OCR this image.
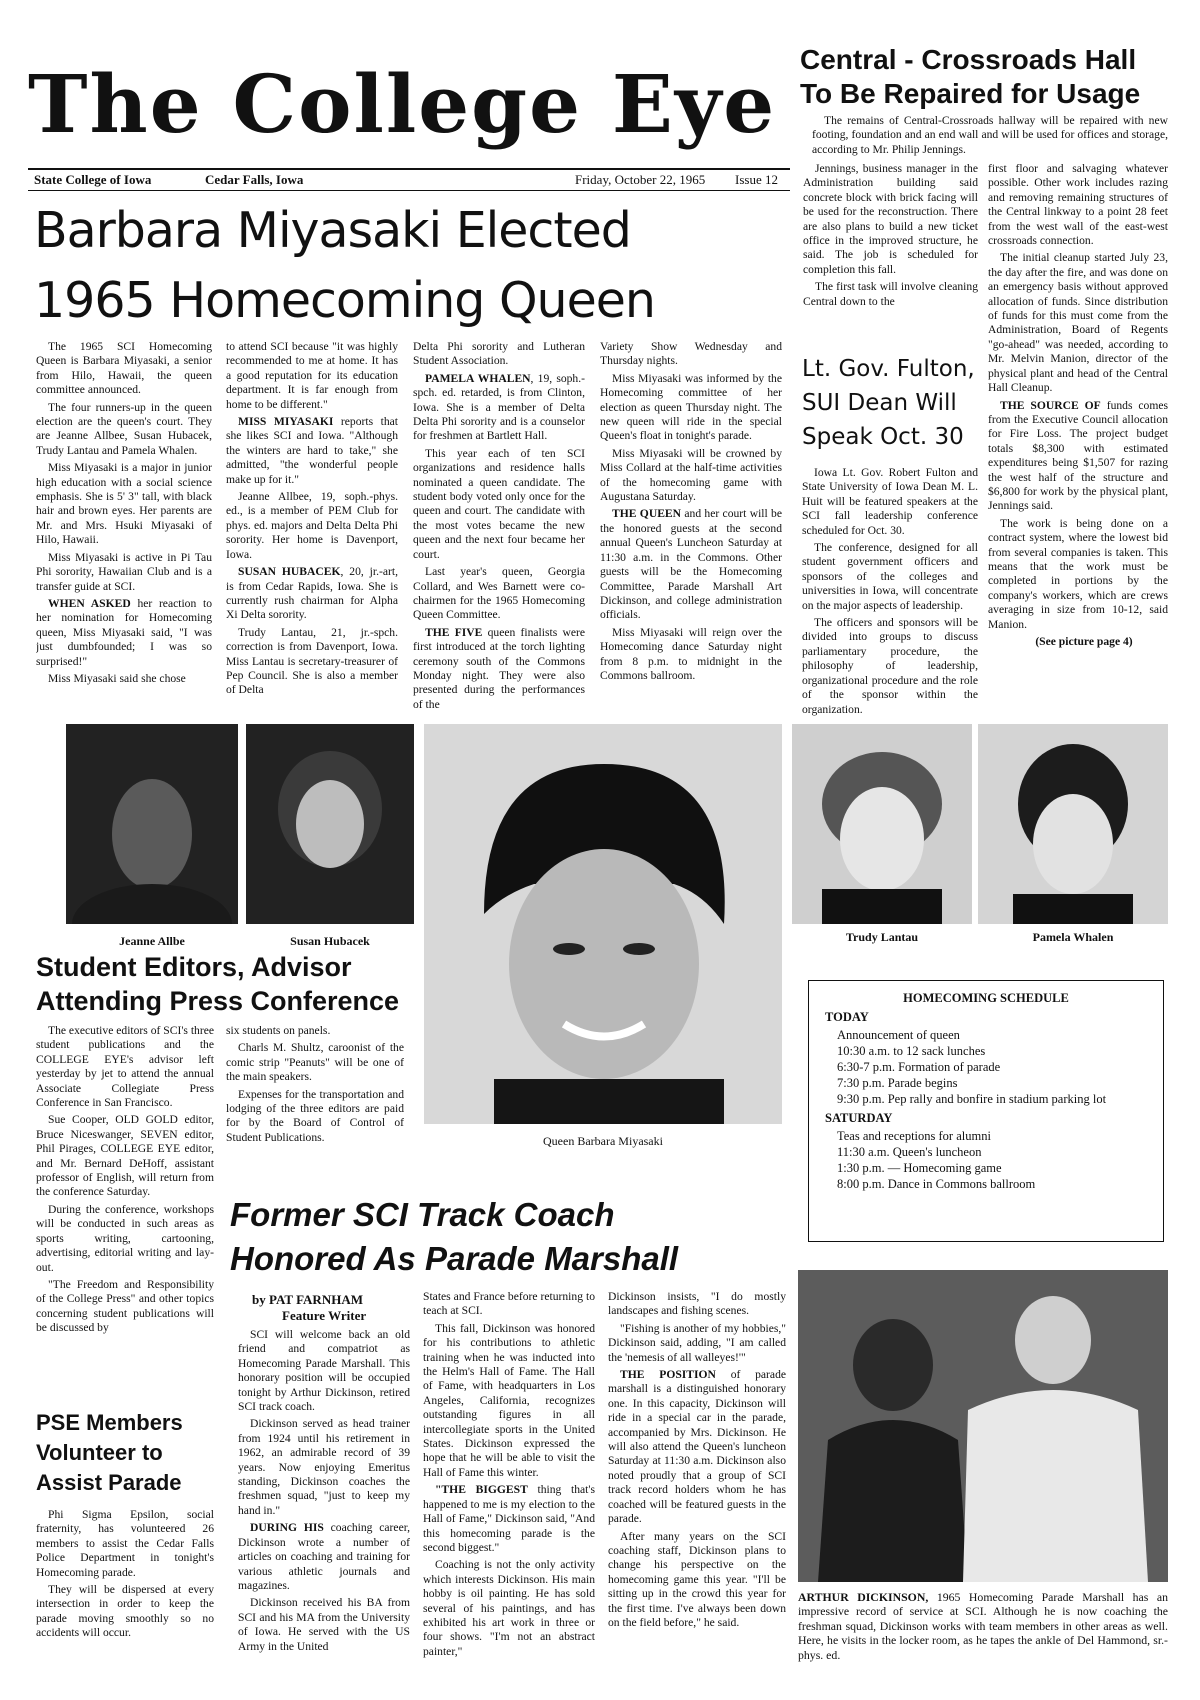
The College Eye
State College of Iowa	Cedar Falls, Iowa	Friday, October 22, 1965 Issue 12
Central - Crossroads Hall
To Be Repaired for Usage

The remains of Central-Crossroads hallway will be repaired with new footing, foundation and an end wall and will be used for offices and storage, according to Mr. Philip Jennings.

Jennings, business manager in the Administration building said concrete block with brick facing will be used for the reconstruction. There are also plans to build a new ticket office in the improved structure, he said. The job is scheduled for completion this fall.

The first task will involve cleaning Central down to the

first floor and salvaging whatever possible. Other work includes razing and removing remaining structures of the Central linkway to a point 28 feet from the west wall of the east-west crossroads connection.

The initial cleanup started July 23, the day after the fire, and was done on an emergency basis without approved allocation of funds. Since distribution of funds for this must come from the Administration, Board of Regents "go-ahead" was needed, according to Mr. Melvin Manion, director of the physical plant and head of the Central Hall Cleanup.

THE SOURCE OF funds comes from the Executive Council allocation for Fire Loss. The project budget totals $8,300 with estimated expenditures being $1,507 for razing the west half of the structure and $6,800 for work by the physical plant, Jennings said.

The work is being done on a contract system, where the lowest bid from several companies is taken. This means that the work must be completed in portions by the company's workers, which are crews averaging in size from 10-12, said Manion.

(See picture page 4)

Barbara Miyasaki Elected
1965 Homecoming Queen

The 1965 SCI Homecoming Queen is Barbara Miyasaki, a senior from Hilo, Hawaii, the queen committee announced.

The four runners-up in the queen election are the queen's court. They are Jeanne Allbee, Susan Hubacek, Trudy Lantau and Pamela Whalen.

Miss Miyasaki is a major in junior high education with a social science emphasis. She is 5' 3" tall, with black hair and brown eyes. Her parents are Mr. and Mrs. Hsuki Miyasaki of Hilo, Hawaii.

Miss Miyasaki is active in Pi Tau Phi sorority, Hawaiian Club and is a transfer guide at SCI.

WHEN ASKED her reaction to her nomination for Homecoming queen, Miss Miyasaki said, "I was just dumbfounded; I was so surprised!"

Miss Miyasaki said she chose

to attend SCI because "it was highly recommended to me at home. It has a good reputation for its education department. It is far enough from home to be different."

MISS MIYASAKI reports that she likes SCI and Iowa. "Although the winters are hard to take," she admitted, "the wonderful people make up for it."

Jeanne Allbee, 19, soph.-phys. ed., is a member of PEM Club for phys. ed. majors and Delta Delta Phi sorority. Her home is Davenport, Iowa.

SUSAN HUBACEK, 20, jr.-art, is from Cedar Rapids, Iowa. She is currently rush chairman for Alpha Xi Delta sorority.

Trudy Lantau, 21, jr.-spch. correction is from Davenport, Iowa. Miss Lantau is secretary-treasurer of Pep Council. She is also a member of Delta

Delta Phi sorority and Lutheran Student Association.

PAMELA WHALEN, 19, soph.-spch. ed. retarded, is from Clinton, Iowa. She is a member of Delta Delta Phi sorority and is a counselor for freshmen at Bartlett Hall.

This year each of ten SCI organizations and residence halls nominated a queen candidate. The student body voted only once for the queen and court. The candidate with the most votes became the new queen and the next four became her court.

Last year's queen, Georgia Collard, and Wes Barnett were co-chairmen for the 1965 Homecoming Queen Committee.

THE FIVE queen finalists were first introduced at the torch lighting ceremony south of the Commons Monday night. They were also presented during the performances of the

Variety Show Wednesday and Thursday nights.

Miss Miyasaki was informed by the Homecoming committee of her election as queen Thursday night. The new queen will ride in the special Queen's float in tonight's parade.

Miss Miyasaki will be crowned by Miss Collard at the half-time activities of the homecoming game with Augustana Saturday.

THE QUEEN and her court will be the honored guests at the second annual Queen's Luncheon Saturday at 11:30 a.m. in the Commons. Other guests will be the Homecoming Committee, Parade Marshall Art Dickinson, and college administration officials.

Miss Miyasaki will reign over the Homecoming dance Saturday night from 8 p.m. to midnight in the Commons ballroom.

Lt. Gov. Fulton,
SUI Dean Will
Speak Oct. 30

Iowa Lt. Gov. Robert Fulton and State University of Iowa Dean M. L. Huit will be featured speakers at the SCI fall leadership conference scheduled for Oct. 30.

The conference, designed for all student government officers and sponsors of the colleges and universities in Iowa, will concentrate on the major aspects of leadership.

The officers and sponsors will be divided into groups to discuss parliamentary procedure, the philosophy of leadership, organizational procedure and the role of the sponsor within the organization.

Jeanne Allbe	Susan Hubacek
Queen Barbara Miyasaki
Trudy Lantau	Pamela Whalen
Student Editors, Advisor
Attending Press Conference

The executive editors of SCI's three student publications and the COLLEGE EYE's advisor left yesterday by jet to attend the annual Associate Collegiate Press Conference in San Francisco.

Sue Cooper, OLD GOLD editor, Bruce Niceswanger, SEVEN editor, Phil Pirages, COLLEGE EYE editor, and Mr. Bernard DeHoff, assistant professor of English, will return from the conference Saturday.

During the conference, workshops will be conducted in such areas as sports writing, cartooning, advertising, editorial writing and lay-out.

"The Freedom and Responsibility of the College Press" and other topics concerning student publications will be discussed by

six students on panels.

Charls M. Shultz, caroonist of the comic strip "Peanuts" will be one of the main speakers.

Expenses for the transportation and lodging of the three editors are paid for by the Board of Control of Student Publications.

PSE Members
Volunteer to
Assist Parade

Phi Sigma Epsilon, social fraternity, has volunteered 26 members to assist the Cedar Falls Police Department in tonight's Homecoming parade.

They will be dispersed at every intersection in order to keep the parade moving smoothly so no accidents will occur.

HOMECOMING SCHEDULE
TODAY
Announcement of queen
10:30 a.m. to 12 sack lunches
6:30-7 p.m. Formation of parade
7:30 p.m. Parade begins
9:30 p.m. Pep rally and bonfire in stadium parking lot
SATURDAY
Teas and receptions for alumni
11:30 a.m. Queen's luncheon
1:30 p.m. — Homecoming game
8:00 p.m. Dance in Commons ballroom
Former SCI Track Coach
Honored As Parade Marshall
by PAT FARNHAM
Feature Writer

SCI will welcome back an old friend and compatriot as Homecoming Parade Marshall. This honorary position will be occupied tonight by Arthur Dickinson, retired SCI track coach.

Dickinson served as head trainer from 1924 until his retirement in 1962, an admirable record of 39 years. Now enjoying Emeritus standing, Dickinson coaches the freshmen squad, "just to keep my hand in."

DURING HIS coaching career, Dickinson wrote a number of articles on coaching and training for various athletic journals and magazines.

Dickinson received his BA from SCI and his MA from the University of Iowa. He served with the US Army in the United

States and France before returning to teach at SCI.

This fall, Dickinson was honored for his contributions to athletic training when he was inducted into the Helm's Hall of Fame. The Hall of Fame, with headquarters in Los Angeles, California, recognizes outstanding figures in all intercollegiate sports in the United States. Dickinson expressed the hope that he will be able to visit the Hall of Fame this winter.

"THE BIGGEST thing that's happened to me is my election to the Hall of Fame," Dickinson said, "And this homecoming parade is the second biggest."

Coaching is not the only activity which interests Dickinson. His main hobby is oil painting. He has sold several of his paintings, and has exhibited his art work in three or four shows. "I'm not an abstract painter,"

Dickinson insists, "I do mostly landscapes and fishing scenes.

"Fishing is another of my hobbies," Dickinson said, adding, "I am called the 'nemesis of all walleyes!'"

THE POSITION of parade marshall is a distinguished honorary one. In this capacity, Dickinson will ride in a special car in the parade, accompanied by Mrs. Dickinson. He will also attend the Queen's luncheon Saturday at 11:30 a.m. Dickinson also noted proudly that a group of SCI track record holders whom he has coached will be featured guests in the parade.

After many years on the SCI coaching staff, Dickinson plans to change his perspective on the homecoming game this year. "I'll be sitting up in the crowd this year for the first time. I've always been down on the field before," he said.

ARTHUR DICKINSON, 1965 Homecoming Parade Marshall has an impressive record of service at SCI. Although he is now coaching the freshman squad, Dickinson works with team members in other areas as well. Here, he visits in the locker room, as he tapes the ankle of Del Hammond, sr.-phys. ed.
